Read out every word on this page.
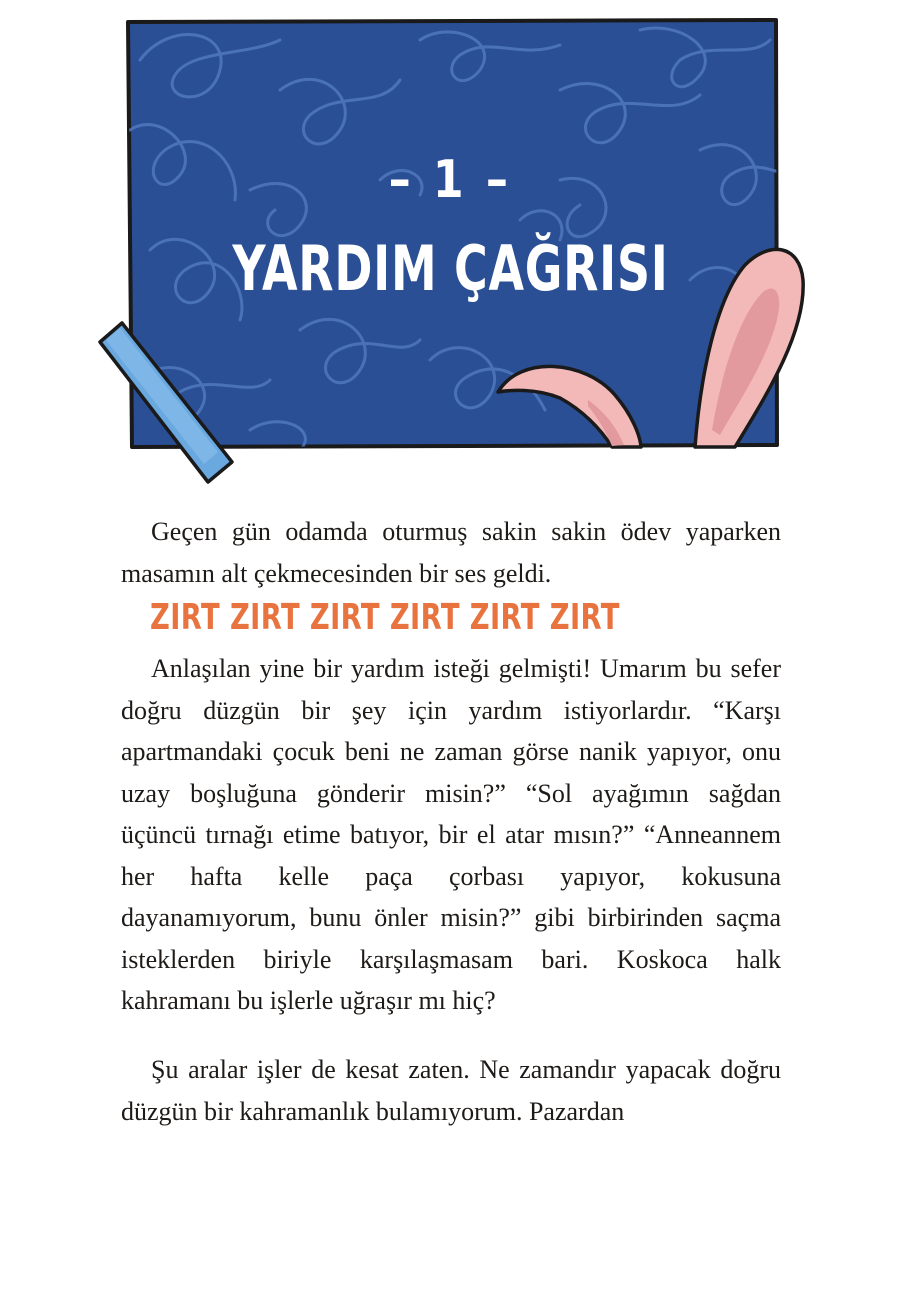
– 1 –
YARDIM ÇAĞRISI

Geçen gün odamda oturmuş sakin sakin ödev yaparken masamın alt çekmecesinden bir ses geldi.

ZIRT ZIRT ZIRT ZIRT ZIRT ZIRT

Anlaşılan yine bir yardım isteği gelmişti! Umarım bu sefer doğru düzgün bir şey için yardım istiyorlardır. “Karşı apartmandaki çocuk beni ne zaman görse nanik yapıyor, onu uzay boşluğuna gönderir misin?” “Sol ayağımın sağdan üçüncü tırnağı etime batıyor, bir el atar mısın?” “Anneannem her hafta kelle paça çorbası yapıyor, kokusuna dayanamıyorum, bunu önler misin?” gibi birbirinden saçma isteklerden biriyle karşılaşmasam bari. Koskoca halk kahramanı bu işlerle uğraşır mı hiç?

Şu aralar işler de kesat zaten. Ne zamandır yapacak doğru düzgün bir kahramanlık bulamıyorum. Pazardan
